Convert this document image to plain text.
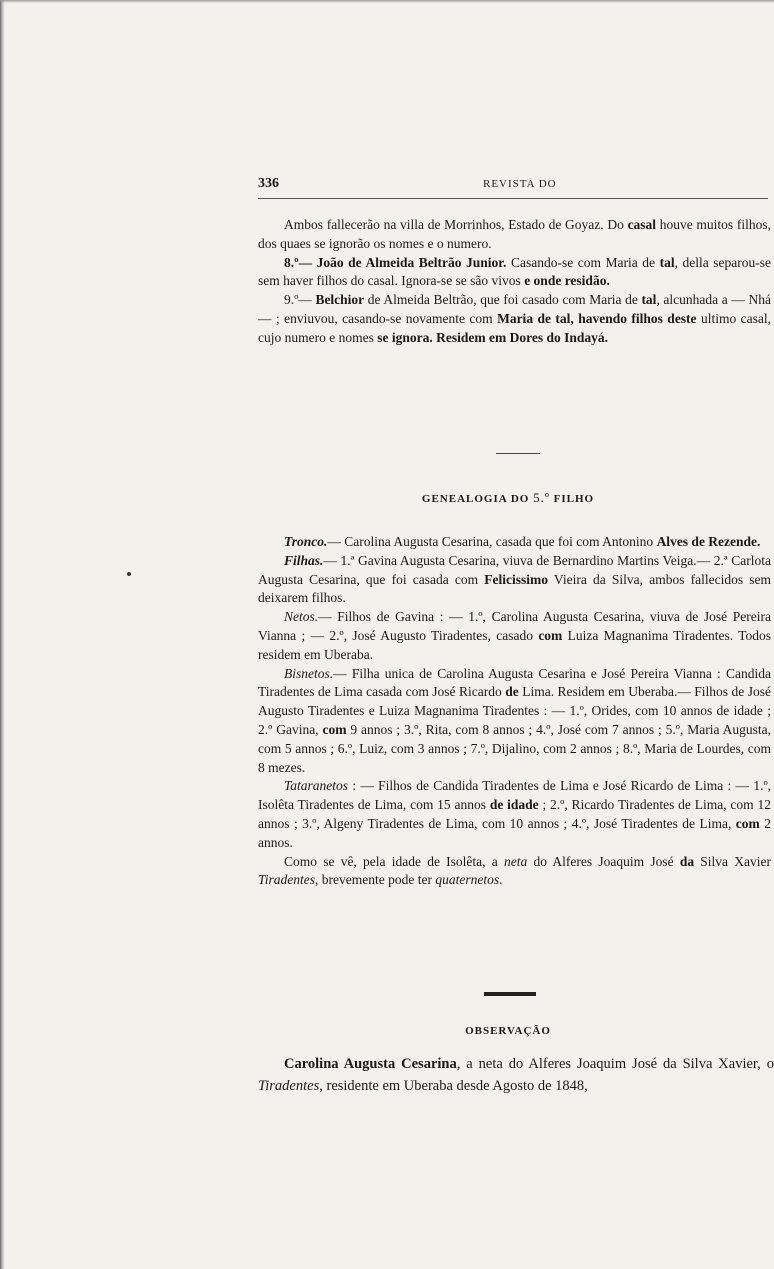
336	REVISTA DO

Ambos fallecerão na villa de Morrinhos, Estado de Goyaz. Do casal houve muitos filhos, dos quaes se ignorão os nomes e o numero.

8.º— João de Almeida Beltrão Junior. Casando-se com Maria de tal, della separou-se sem haver filhos do casal. Ignora-se se são vivos e onde residão.

9.º— Belchior de Almeida Beltrão, que foi casado com Maria de tal, alcunhada a — Nhá — ; enviuvou, casando-se novamente com Maria de tal, havendo filhos deste ultimo casal, cujo numero e nomes se ignora. Residem em Dores do Indayá.

GENEALOGIA DO 5.º FILHO

Tronco.— Carolina Augusta Cesarina, casada que foi com Antonino Alves de Rezende.

Filhas.— 1.ª Gavina Augusta Cesarina, viuva de Bernardino Martins Veiga.— 2.ª Carlota Augusta Cesarina, que foi casada com Felicissimo Vieira da Silva, ambos fallecidos sem deixarem filhos.

Netos.— Filhos de Gavina : — 1.º, Carolina Augusta Cesarina, viuva de José Pereira Vianna ; — 2.º, José Augusto Tiradentes, casado com Luiza Magnanima Tiradentes. Todos residem em Uberaba.

Bisnetos.— Filha unica de Carolina Augusta Cesarina e José Pereira Vianna : Candida Tiradentes de Lima casada com José Ricardo de Lima. Residem em Uberaba.— Filhos de José Augusto Tiradentes e Luiza Magnanima Tiradentes : — 1.º, Orides, com 10 annos de idade ; 2.º Gavina, com 9 annos ; 3.º, Rita, com 8 annos ; 4.º, José com 7 annos ; 5.º, Maria Augusta, com 5 annos ; 6.º, Luiz, com 3 annos ; 7.º, Dijalino, com 2 annos ; 8.º, Maria de Lourdes, com 8 mezes.

Tataranetos : — Filhos de Candida Tiradentes de Lima e José Ricardo de Lima : — 1.º, Isolêta Tiradentes de Lima, com 15 annos de idade ; 2.º, Ricardo Tiradentes de Lima, com 12 annos ; 3.º, Algeny Tiradentes de Lima, com 10 annos ; 4.º, José Tiradentes de Lima, com 2 annos.

Como se vê, pela idade de Isolêta, a neta do Alferes Joaquim José da Silva Xavier Tiradentes, brevemente pode ter quaternetos.

OBSERVAÇÃO

Carolina Augusta Cesarina, a neta do Alferes Joaquim José da Silva Xavier, o Tiradentes, residente em Uberaba desde Agosto de 1848,
